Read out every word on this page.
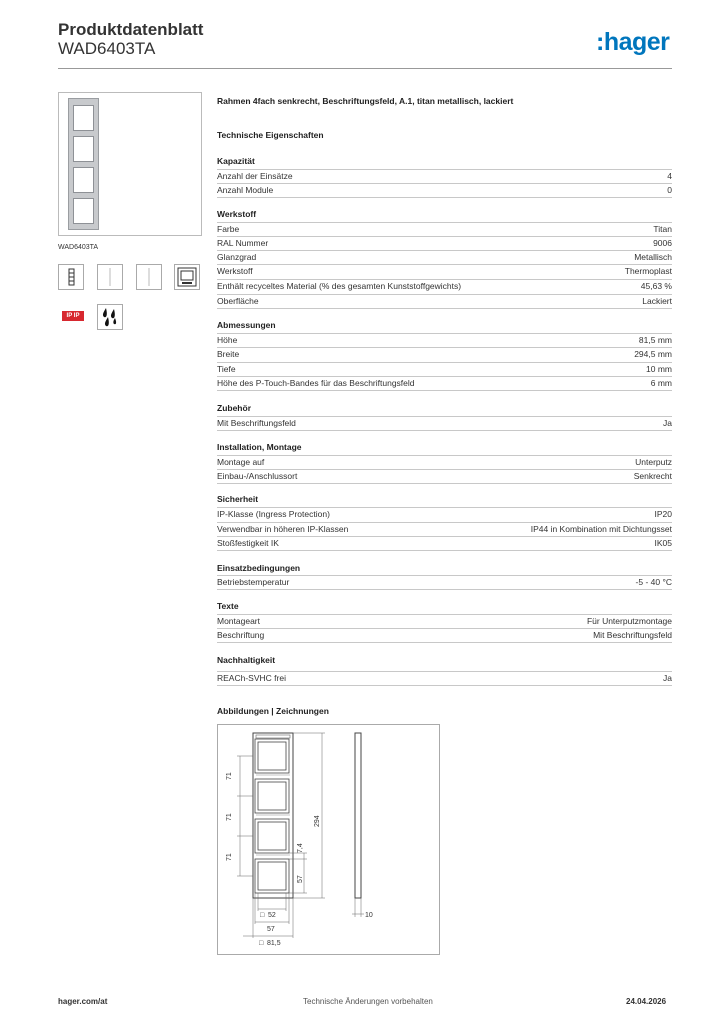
Produktdatenblatt
WAD6403TA	:hager
WAD6403TA
IP IP
Rahmen 4fach senkrecht, Beschriftungsfeld, A.1, titan metallisch, lackiert
Technische Eigenschaften
Kapazität
Anzahl der Einsätze	4
Anzahl Module	0
Werkstoff
Farbe	Titan
RAL Nummer	9006
Glanzgrad	Metallisch
Werkstoff	Thermoplast
Enthält recyceltes Material (% des gesamten Kunststoffgewichts)	45,63 %
Oberfläche	Lackiert
Abmessungen
Höhe	81,5 mm
Breite	294,5 mm
Tiefe	10 mm
Höhe des P-Touch-Bandes für das Beschriftungsfeld	6 mm
Zubehör
Mit Beschriftungsfeld	Ja
Installation, Montage
Montage auf	Unterputz
Einbau-/Anschlussort	Senkrecht
Sicherheit
IP-Klasse (Ingress Protection)	IP20
Verwendbar in höheren IP-Klassen	IP44 in Kombination mit Dichtungsset
Stoßfestigkeit IK	IK05
Einsatzbedingungen
Betriebstemperatur	-5 - 40 °C
Texte
Montageart	Für Unterputzmontage
Beschriftung	Mit Beschriftungsfeld
Nachhaltigkeit
REACh-SVHC frei	Ja
Abbildungen | Zeichnungen
71
71
71
294
7,4
57
□ 52
57
□ 81,5
10
hager.com/at	Technische Änderungen vorbehalten	24.04.2026
